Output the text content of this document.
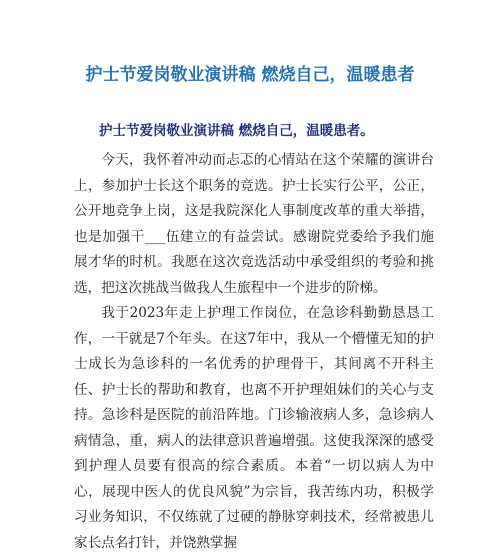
护士节爱岗敬业演讲稿 燃烧自己，温暖患者
护士节爱岗敬业演讲稿 燃烧自己，温暖患者。

今天，我怀着冲动而忐忑的心情站在这个荣耀的演讲台上，参加护士长这个职务的竞选。护士长实行公平，公正，公开地竞争上岗，这是我院深化人事制度改革的重大举措，也是加强干___伍建立的有益尝试。感谢院党委给予我们施展才华的时机。我愿在这次竞选活动中承受组织的考验和挑选，把这次挑战当做我人生旅程中一个进步的阶梯。

我于2023年走上护理工作岗位，在急诊科勤勤恳恳工作，一干就是7个年头。在这7年中，我从一个懵懂无知的护士成长为急诊科的一名优秀的护理骨干，其间离不开科主任、护士长的帮助和教育，也离不开护理姐妹们的关心与支持。急诊科是医院的前沿阵地。门诊输液病人多，急诊病人病情急，重，病人的法律意识普遍增强。这使我深深的感受到护理人员要有很高的综合素质。本着“一切以病人为中心，展现中医人的优良风貌”为宗旨，我苦练内功，积极学习业务知识，不仅练就了过硬的静脉穿刺技术，经常被患儿家长点名打针，并饶熟掌握
